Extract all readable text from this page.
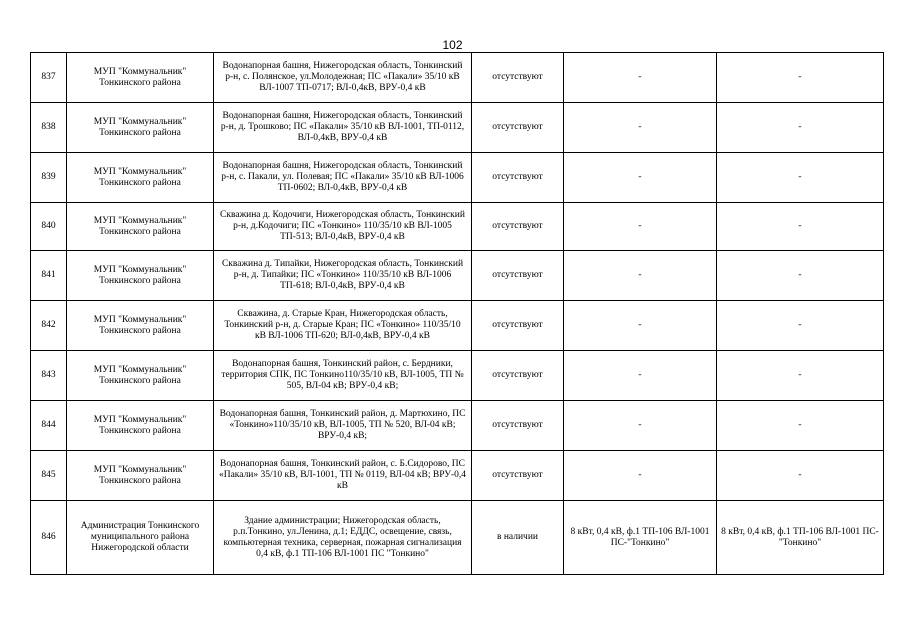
102
837	МУП "Коммунальник" Тонкинского района	Водонапорная башня, Нижегородская область, Тонкинский р-н, с. Полянское, ул.Молодежная; ПС «Пакали» 35/10 кВ ВЛ-1007 ТП-0717; ВЛ-0,4кВ, ВРУ-0,4 кВ	отсутствуют	-	-
838	МУП "Коммунальник" Тонкинского района	Водонапорная башня, Нижегородская область, Тонкинский р-н, д. Трошково; ПС «Пакали» 35/10 кВ ВЛ-1001, ТП-0112, ВЛ-0,4кВ, ВРУ-0,4 кВ	отсутствуют	-	-
839	МУП "Коммунальник" Тонкинского района	Водонапорная башня, Нижегородская область, Тонкинский р-н, с. Пакали, ул. Полевая; ПС «Пакали» 35/10 кВ ВЛ-1006 ТП-0602; ВЛ-0,4кВ, ВРУ-0,4 кВ	отсутствуют	-	-
840	МУП "Коммунальник" Тонкинского района	Скважина д. Кодочиги, Нижегородская область, Тонкинский р-н, д.Кодочиги; ПС «Тонкино» 110/35/10 кВ ВЛ-1005 ТП-513; ВЛ-0,4кВ, ВРУ-0,4 кВ	отсутствуют	-	-
841	МУП "Коммунальник" Тонкинского района	Скважина д. Типайки, Нижегородская область, Тонкинский р-н, д. Типайки; ПС «Тонкино» 110/35/10 кВ ВЛ-1006 ТП-618; ВЛ-0,4кВ, ВРУ-0,4 кВ	отсутствуют	-	-
842	МУП "Коммунальник" Тонкинского района	Скважина, д. Старые Кран, Нижегородская область, Тонкинский р-н, д. Старые Кран; ПС «Тонкино» 110/35/10 кВ ВЛ-1006 ТП-620; ВЛ-0,4кВ, ВРУ-0,4 кВ	отсутствуют	-	-
843	МУП "Коммунальник" Тонкинского района	Водонапорная башня, Тонкинский район, с. Бердники, территория СПК, ПС Тонкино110/35/10 кВ, ВЛ-1005, ТП № 505, ВЛ-04 кВ; ВРУ-0,4 кВ;	отсутствуют	-	-
844	МУП "Коммунальник" Тонкинского района	Водонапорная башня, Тонкинский район, д. Мартюхино, ПС «Тонкино»110/35/10 кВ, ВЛ-1005, ТП № 520, ВЛ-04 кВ; ВРУ-0,4 кВ;	отсутствуют	-	-
845	МУП "Коммунальник" Тонкинского района	Водонапорная башня, Тонкинский район, с. Б.Сидорово, ПС «Пакали» 35/10 кВ, ВЛ-1001, ТП № 0119, ВЛ-04 кВ; ВРУ-0,4 кВ	отсутствуют	-	-
846	Администрация Тонкинского муниципального района Нижегородской области	Здание администрации; Нижегородская область, р.п.Тонкино, ул.Ленина, д.1; ЕДДС, освещение, связь, компьютерная техника, серверная, пожарная сигнализация 0,4 кВ, ф.1 ТП-106 ВЛ-1001 ПС "Тонкино"	в наличии	8 кВт, 0,4 кВ, ф.1 ТП-106 ВЛ-1001 ПС-"Тонкино"	8 кВт, 0,4 кВ, ф.1 ТП-106 ВЛ-1001 ПС-"Тонкино"
